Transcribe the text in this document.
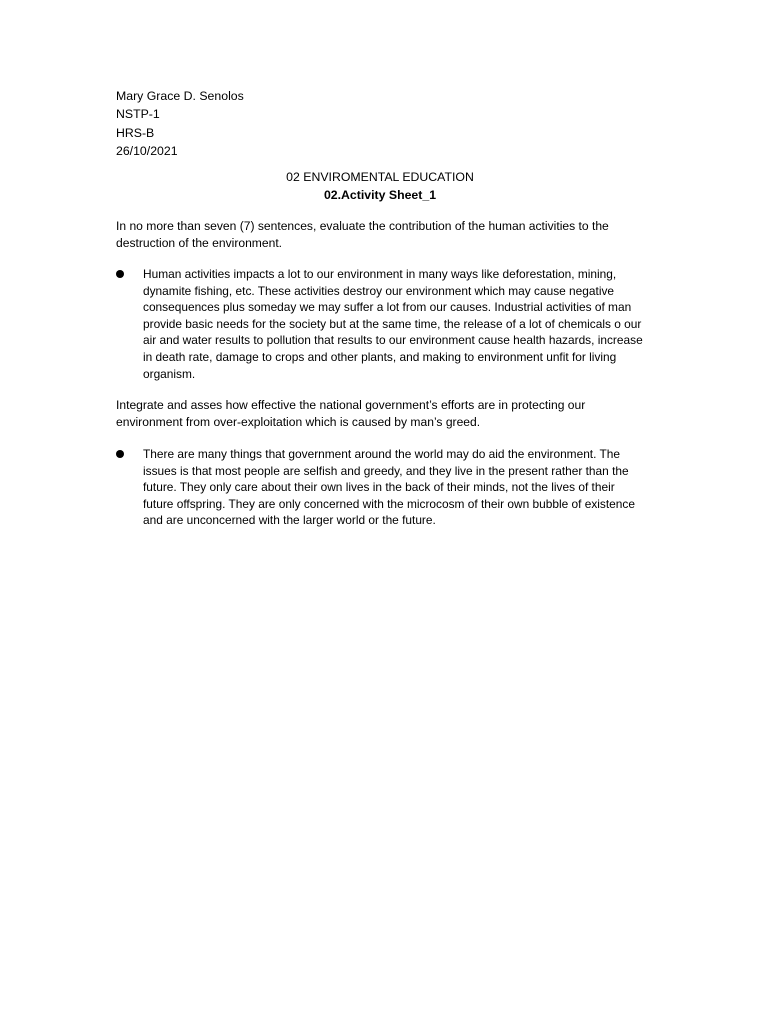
Mary Grace D. Senolos
NSTP-1
HRS-B
26/10/2021
02 ENVIROMENTAL EDUCATION
02.Activity Sheet_1
In no more than seven (7) sentences, evaluate the contribution of the human activities to the destruction of the environment.
Human activities impacts a lot to our environment in many ways like deforestation, mining, dynamite fishing, etc. These activities destroy our environment which may cause negative consequences plus someday we may suffer a lot from our causes. Industrial activities of man provide basic needs for the society but at the same time, the release of a lot of chemicals o our air and water results to pollution that results to our environment cause health hazards, increase in death rate, damage to crops and other plants, and making to environment unfit for living organism.
Integrate and asses how effective the national government’s efforts are in protecting our environment from over-exploitation which is caused by man’s greed.
There are many things that government around the world may do aid the environment. The issues is that most people are selfish and greedy, and they live in the present rather than the future. They only care about their own lives in the back of their minds, not the lives of their future offspring. They are only concerned with the microcosm of their own bubble of existence and are unconcerned with the larger world or the future.
